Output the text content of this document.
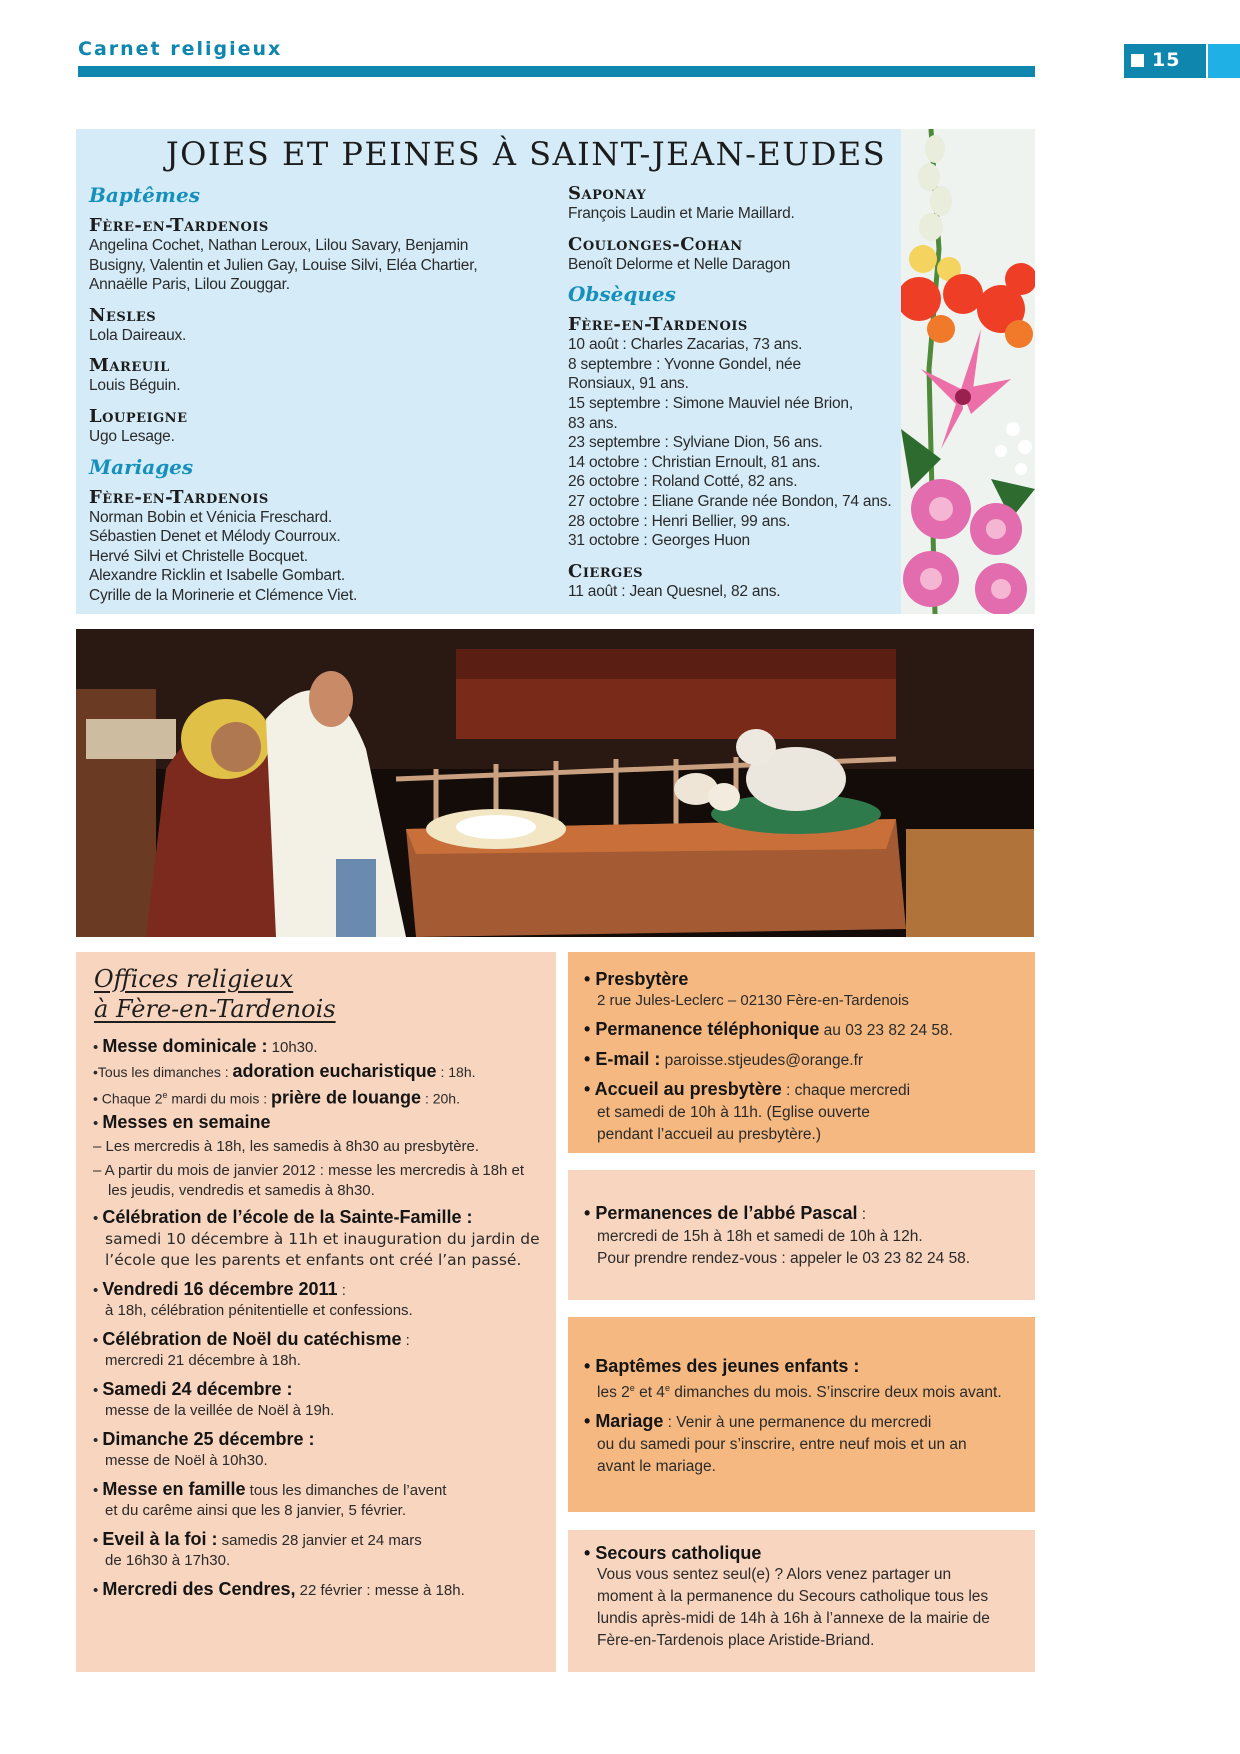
Carnet religieux	15
JOIES ET PEINES À SAINT-JEAN-EUDES
Baptêmes
Fère-en-Tardenois
Angelina Cochet, Nathan Leroux, Lilou Savary, Benjamin
Busigny, Valentin et Julien Gay, Louise Silvi, Eléa Chartier,
Annaëlle Paris, Lilou Zouggar.
Nesles
Lola Daireaux.
Mareuil
Louis Béguin.
Loupeigne
Ugo Lesage.
Mariages
Fère-en-Tardenois
Norman Bobin et Vénicia Freschard.
Sébastien Denet et Mélody Courroux.
Hervé Silvi et Christelle Bocquet.
Alexandre Ricklin et Isabelle Gombart.
Cyrille de la Morinerie et Clémence Viet.
Saponay
François Laudin et Marie Maillard.
Coulonges-Cohan
Benoît Delorme et Nelle Daragon
Obsèques
Fère-en-Tardenois
10 août : Charles Zacarias, 73 ans.
8 septembre : Yvonne Gondel, née
Ronsiaux, 91 ans.
15 septembre : Simone Mauviel née Brion,
83 ans.
23 septembre : Sylviane Dion, 56 ans.
14 octobre : Christian Ernoult, 81 ans.
26 octobre : Roland Cotté, 82 ans.
27 octobre : Eliane Grande née Bondon, 74 ans.
28 octobre : Henri Bellier, 99 ans.
31 octobre : Georges Huon
Cierges
11 août : Jean Quesnel, 82 ans.
Offices religieux
à Fère-en-Tardenois
• Messe dominicale : 10h30.
•Tous les dimanches : adoration eucharistique : 18h.
• Chaque 2e mardi du mois : prière de louange : 20h.
• Messes en semaine
– Les mercredis à 18h, les samedis à 8h30 au presbytère.
– A partir du mois de janvier 2012 : messe les mercredis à 18h et les jeudis, vendredis et samedis à 8h30.
• Célébration de l’école de la Sainte-Famille :
samedi 10 décembre à 11h et inauguration du jardin de l’école que les parents et enfants ont créé l’an passé.
• Vendredi 16 décembre 2011 :
à 18h, célébration pénitentielle et confessions.
• Célébration de Noël du catéchisme :
mercredi 21 décembre à 18h.
• Samedi 24 décembre :
messe de la veillée de Noël à 19h.
• Dimanche 25 décembre :
messe de Noël à 10h30.
• Messe en famille tous les dimanches de l’avent
et du carême ainsi que les 8 janvier, 5 février.
• Eveil à la foi : samedis 28 janvier et 24 mars
de 16h30 à 17h30.
• Mercredi des Cendres, 22 février : messe à 18h.
• Presbytère
2 rue Jules-Leclerc – 02130 Fère-en-Tardenois
• Permanence téléphonique au 03 23 82 24 58.
• E-mail : paroisse.stjeudes@orange.fr
• Accueil au presbytère : chaque mercredi
et samedi de 10h à 11h. (Eglise ouverte
pendant l’accueil au presbytère.)
• Permanences de l’abbé Pascal :
mercredi de 15h à 18h et samedi de 10h à 12h.
Pour prendre rendez-vous : appeler le 03 23 82 24 58.
• Baptêmes des jeunes enfants :
les 2e et 4e dimanches du mois. S’inscrire deux mois avant.
• Mariage : Venir à une permanence du mercredi
ou du samedi pour s’inscrire, entre neuf mois et un an
avant le mariage.
• Secours catholique
Vous vous sentez seul(e) ? Alors venez partager un
moment à la permanence du Secours catholique tous les
lundis après-midi de 14h à 16h à l’annexe de la mairie de
Fère-en-Tardenois place Aristide-Briand.
